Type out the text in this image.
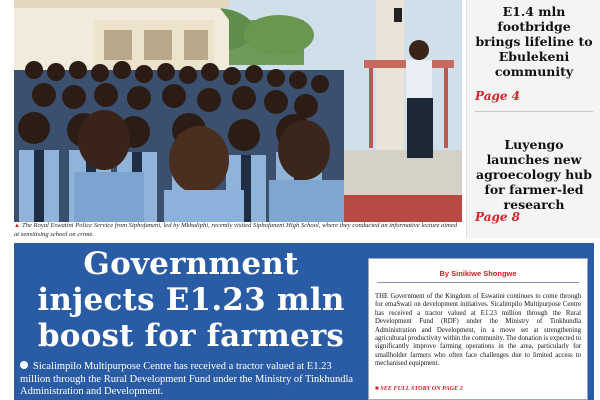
▲ The Royal Eswatini Police Service from Siphofaneni, led by Mkhaliphi, recently visited Siphofaneni High School, where they conducted an informative lecture aimed at sensitising school on crime.
E1.4 mln footbridge brings lifeline to Ebulekeni community
Page 4
Luyengo launches new agroecology hub for farmer-led research
Page 8
Government
injects E1.23 mln
boost for farmers
Sicalimpilo Multipurpose Centre has received a tractor valued at E1.23 million through the Rural Development Fund under the Ministry of Tinkhundla Administration and Development.
By Sinikiwe Shongwe
THE Government of the Kingdom of Eswatini continues to come through for emaSwati on development initiatives. Sicalimpilo Multipurpose Centre has received a tractor valued at E1.23 million through the Rural Development Fund (RDF) under the Ministry of Tinkhundla Administration and Development, in a move set at strengthening agricultural productivity within the community. The donation is expected to significantly improve farming operations in the area, particularly for smallholder farmers who often face challenges due to limited access to mechanised equipment.
■ SEE FULL STORY ON PAGE 2
